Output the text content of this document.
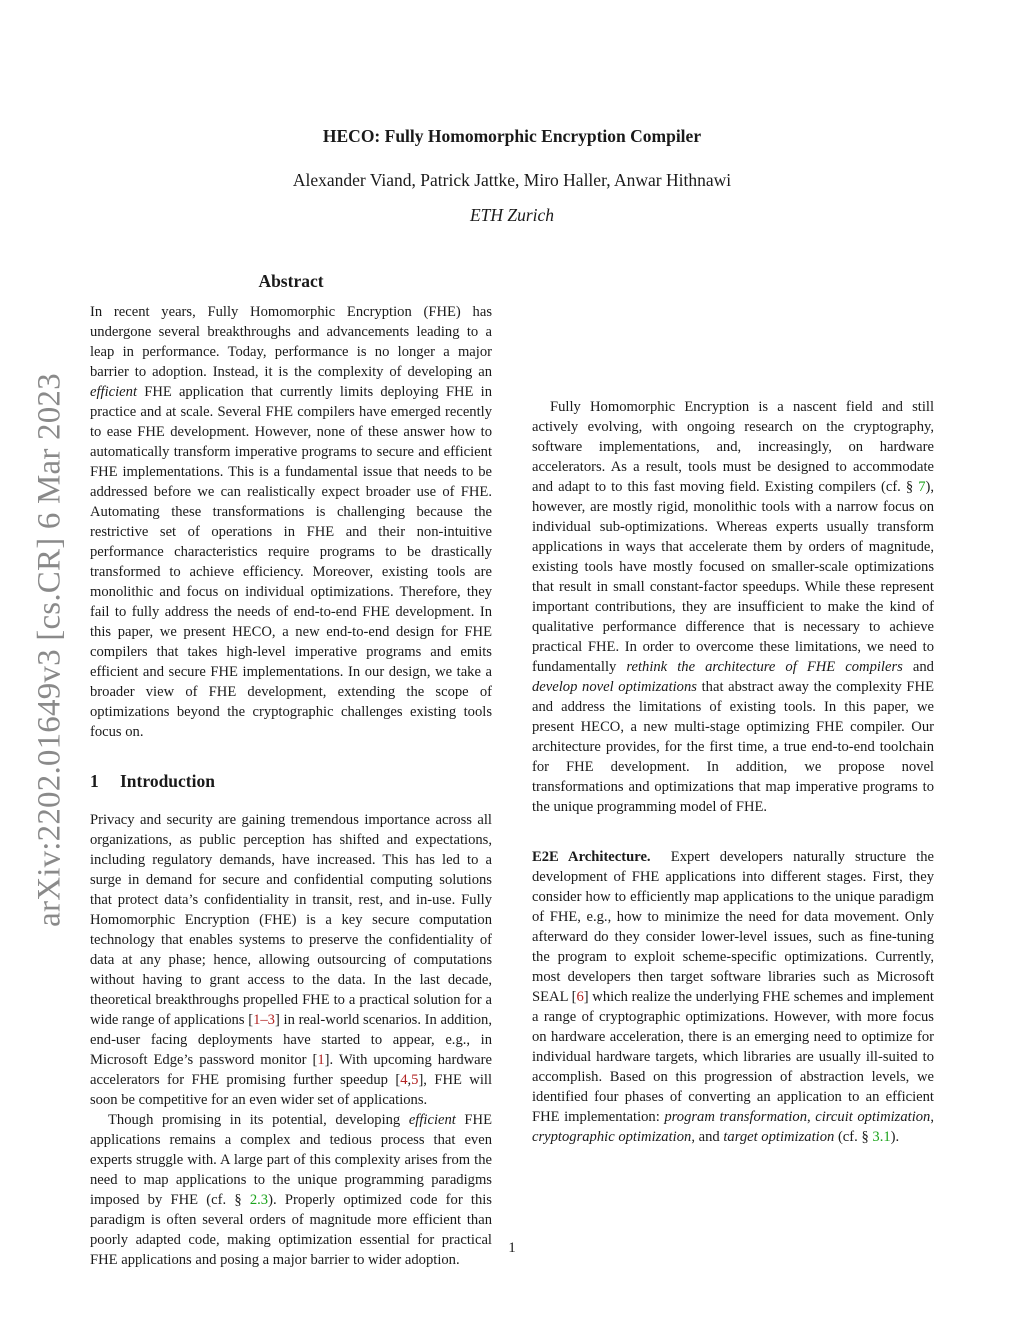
HECO: Fully Homomorphic Encryption Compiler
Alexander Viand, Patrick Jattke, Miro Haller, Anwar Hithnawi
ETH Zurich
arXiv:2202.01649v3 [cs.CR] 6 Mar 2023

Abstract

In recent years, Fully Homomorphic Encryption (FHE) has undergone several breakthroughs and advancements leading to a leap in performance. Today, performance is no longer a major barrier to adoption. Instead, it is the complexity of developing an efficient FHE application that currently limits deploying FHE in practice and at scale. Several FHE compilers have emerged recently to ease FHE development. However, none of these answer how to automatically transform imperative programs to secure and efficient FHE implementations. This is a fundamental issue that needs to be addressed before we can realistically expect broader use of FHE. Automating these transformations is challenging because the restrictive set of operations in FHE and their non-intuitive performance characteristics require programs to be drastically transformed to achieve efficiency. Moreover, existing tools are monolithic and focus on individual optimizations. Therefore, they fail to fully address the needs of end-to-end FHE development. In this paper, we present HECO, a new end-to-end design for FHE compilers that takes high-level imperative programs and emits efficient and secure FHE implementations. In our design, we take a broader view of FHE development, extending the scope of optimizations beyond the cryptographic challenges existing tools focus on.

1 Introduction

Privacy and security are gaining tremendous importance across all organizations, as public perception has shifted and expectations, including regulatory demands, have increased. This has led to a surge in demand for secure and confidential computing solutions that protect data’s confidentiality in transit, rest, and in-use. Fully Homomorphic Encryption (FHE) is a key secure computation technology that enables systems to preserve the confidentiality of data at any phase; hence, allowing outsourcing of computations without having to grant access to the data. In the last decade, theoretical breakthroughs propelled FHE to a practical solution for a wide range of applications [1–3] in real-world scenarios. In addition, end-user facing deployments have started to appear, e.g., in Microsoft Edge’s password monitor [1]. With upcoming hardware accelerators for FHE promising further speedup [4,5], FHE will soon be competitive for an even wider set of applications.

Though promising in its potential, developing efficient FHE applications remains a complex and tedious process that even experts struggle with. A large part of this complexity arises from the need to map applications to the unique programming paradigms imposed by FHE (cf. § 2.3). Properly optimized code for this paradigm is often several orders of magnitude more efficient than poorly adapted code, making optimization essential for practical FHE applications and posing a major barrier to wider adoption.

Fully Homomorphic Encryption is a nascent field and still actively evolving, with ongoing research on the cryptography, software implementations, and, increasingly, on hardware accelerators. As a result, tools must be designed to accommodate and adapt to to this fast moving field. Existing compilers (cf. § 7), however, are mostly rigid, monolithic tools with a narrow focus on individual sub-optimizations. Whereas experts usually transform applications in ways that accelerate them by orders of magnitude, existing tools have mostly focused on smaller-scale optimizations that result in small constant-factor speedups. While these represent important contributions, they are insufficient to make the kind of qualitative performance difference that is necessary to achieve practical FHE. In order to overcome these limitations, we need to fundamentally rethink the architecture of FHE compilers and develop novel optimizations that abstract away the complexity FHE and address the limitations of existing tools. In this paper, we present HECO, a new multi-stage optimizing FHE compiler. Our architecture provides, for the first time, a true end-to-end toolchain for FHE development. In addition, we propose novel transformations and optimizations that map imperative programs to the unique programming model of FHE.

E2E Architecture.  Expert developers naturally structure the development of FHE applications into different stages. First, they consider how to efficiently map applications to the unique paradigm of FHE, e.g., how to minimize the need for data movement. Only afterward do they consider lower-level issues, such as fine-tuning the program to exploit scheme-specific optimizations. Currently, most developers then target software libraries such as Microsoft SEAL [6] which realize the underlying FHE schemes and implement a range of cryptographic optimizations. However, with more focus on hardware acceleration, there is an emerging need to optimize for individual hardware targets, which libraries are usually ill-suited to accomplish. Based on this progression of abstraction levels, we identified four phases of converting an application to an efficient FHE implementation: program transformation, circuit optimization, cryptographic optimization, and target optimization (cf. § 3.1).

1
